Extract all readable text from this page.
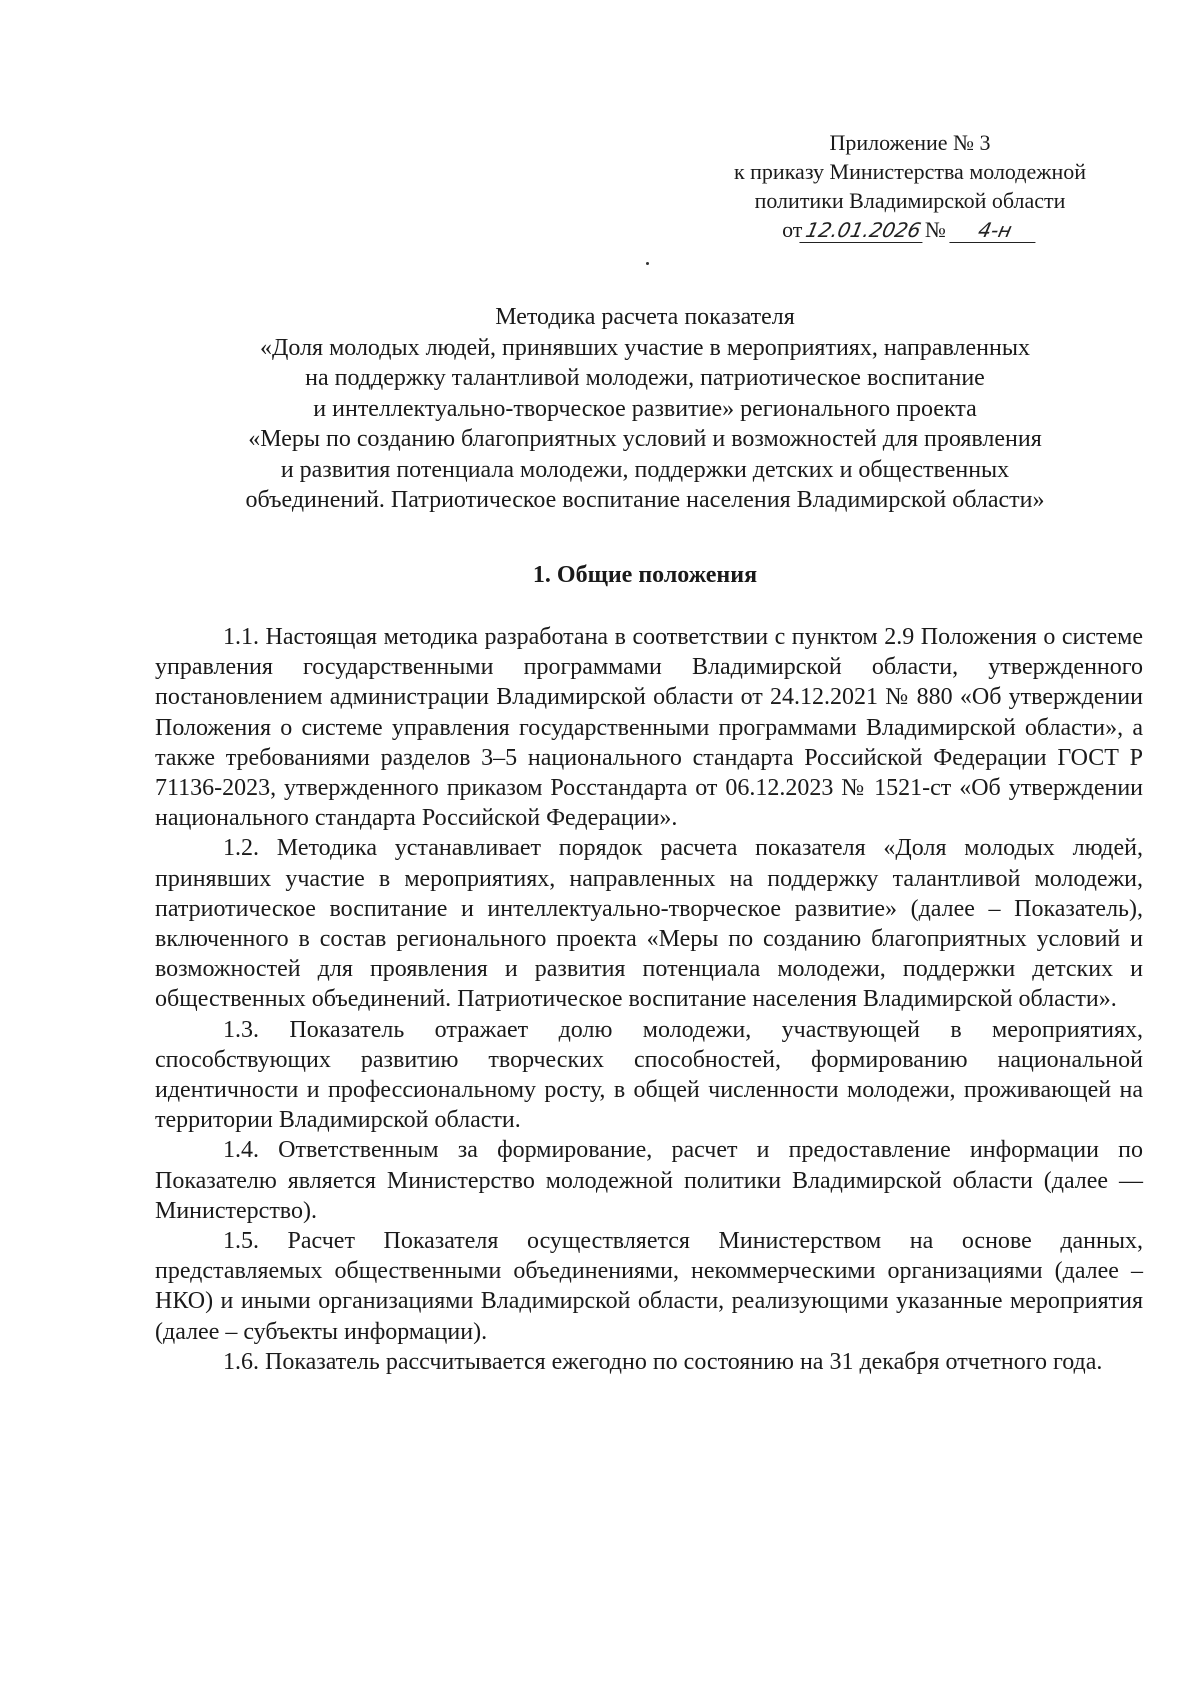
Приложение № 3
к приказу Министерства молодежной
политики Владимирской области
от12.01.2026№ 4-н
Методика расчета показателя
«Доля молодых людей, принявших участие в мероприятиях, направленных
на поддержку талантливой молодежи, патриотическое воспитание
и интеллектуально-творческое развитие» регионального проекта
«Меры по созданию благоприятных условий и возможностей для проявления
и развития потенциала молодежи, поддержки детских и общественных
объединений. Патриотическое воспитание населения Владимирской области»
1. Общие положения

1.1. Настоящая методика разработана в соответствии с пунктом 2.9 Положения о системе управления государственными программами Владимирской области, утвержденного постановлением администрации Владимирской области от 24.12.2021 № 880 «Об утверждении Положения о системе управления государственными программами Владимирской области», а также требованиями разделов 3–5 национального стандарта Российской Федерации ГОСТ Р 71136-2023, утвержденного приказом Росстандарта от 06.12.2023 № 1521-ст «Об утверждении национального стандарта Российской Федерации».

1.2. Методика устанавливает порядок расчета показателя «Доля молодых людей, принявших участие в мероприятиях, направленных на поддержку талантливой молодежи, патриотическое воспитание и интеллектуально-творческое развитие» (далее – Показатель), включенного в состав регионального проекта «Меры по созданию благоприятных условий и возможностей для проявления и развития потенциала молодежи, поддержки детских и общественных объединений. Патриотическое воспитание населения Владимирской области».

1.3. Показатель отражает долю молодежи, участвующей в мероприятиях, способствующих развитию творческих способностей, формированию национальной идентичности и профессиональному росту, в общей численности молодежи, проживающей на территории Владимирской области.

1.4. Ответственным за формирование, расчет и предоставление информации по Показателю является Министерство молодежной политики Владимирской области (далее — Министерство).

1.5. Расчет Показателя осуществляется Министерством на основе данных, представляемых общественными объединениями, некоммерческими организациями (далее – НКО) и иными организациями Владимирской области, реализующими указанные мероприятия (далее – субъекты информации).

1.6. Показатель рассчитывается ежегодно по состоянию на 31 декабря отчетного года.
